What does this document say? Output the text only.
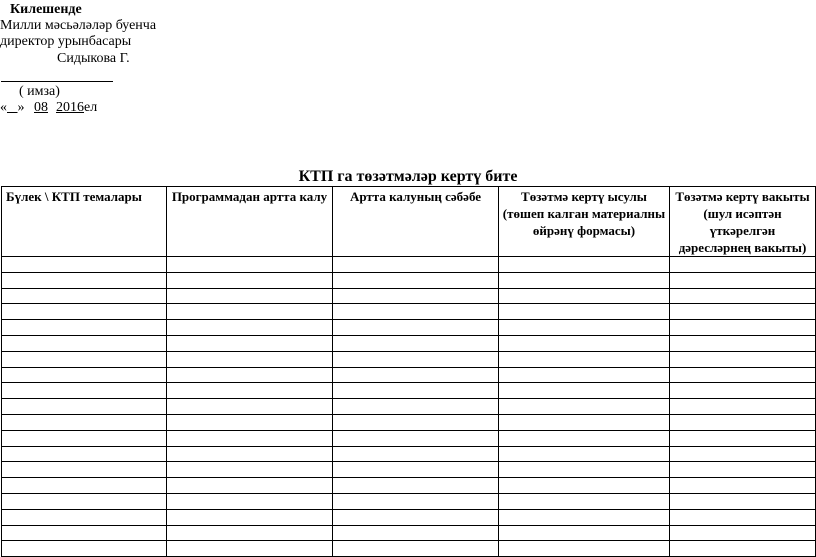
Килешенде
Милли мәсьәләләр буенча
директор урынбасары
Сидыкова Г.
( имза)
« » 08 2016ел
КТП га төзәтмәләр кертү бите
Бүлек \ КТП темалары	Программадан артта калу	Артта калуның сәбәбе	Төзәтмә кертү ысулы (төшеп калган материалны өйрәнү формасы)	Төзәтмә кертү вакыты (шул исәптән үткәрелгән дәресләрнең вакыты)
